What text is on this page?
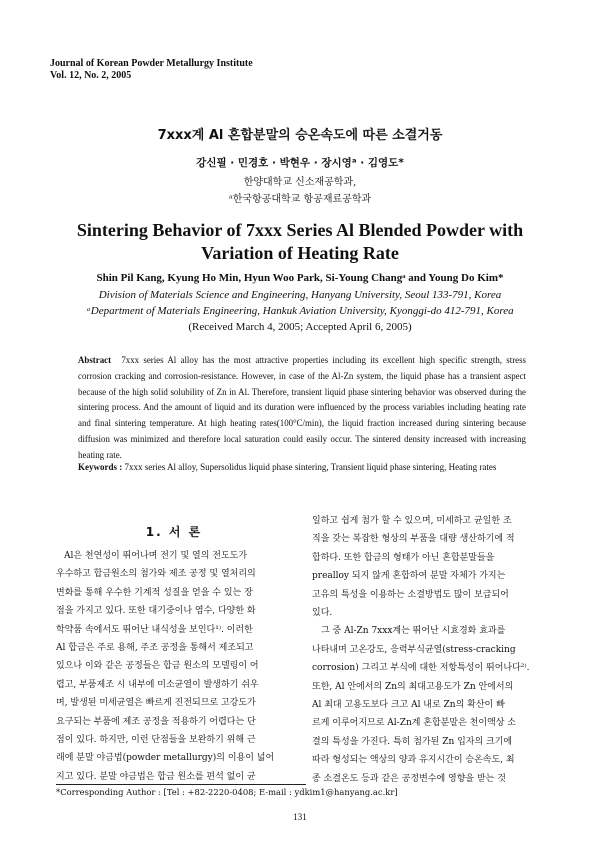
Journal of Korean Powder Metallurgy Institute
Vol. 12, No. 2, 2005
7xxx계 Al 혼합분말의 승온속도에 따른 소결거동
강신필 · 민경호 · 박현우 · 장시영ᵃ · 김영도*
한양대학교 신소재공학과,
ᵃ한국항공대학교 항공재료공학과
Sintering Behavior of 7xxx Series Al Blended Powder with
Variation of Heating Rate
Shin Pil Kang, Kyung Ho Min, Hyun Woo Park, Si-Young Changᵃ and Young Do Kim*
Division of Materials Science and Engineering, Hanyang University, Seoul 133-791, Korea
ᵃDepartment of Materials Engineering, Hankuk Aviation University, Kyonggi-do 412-791, Korea
(Received March 4, 2005; Accepted April 6, 2005)
Abstract 7xxx series Al alloy has the most attractive properties including its excellent high specific strength, stress corrosion cracking and corrosion-resistance. However, in case of the Al-Zn system, the liquid phase has a transient aspect because of the high solid solubility of Zn in Al. Therefore, transient liquid phase sintering behavior was observed during the sintering process. And the amount of liquid and its duration were influenced by the process variables including heating rate and final sintering temperature. At high heating rates(100°C/min), the liquid fraction increased during sintering because diffusion was minimized and therefore local saturation could easily occur. The sintered density increased with increasing heating rate.
Keywords : 7xxx series Al alloy, Supersolidus liquid phase sintering, Transient liquid phase sintering, Heating rates
1. 서 론
Al은 천연성이 뛰어나며 전기 및 열의 전도도가
우수하고 합금원소의 첨가와 제조 공정 및 열처리의
변화를 통해 우수한 기계적 성질을 얻을 수 있는 장
점을 가지고 있다. 또한 대기중이나 염수, 다양한 화
학약품 속에서도 뛰어난 내식성을 보인다¹⁾. 이러한
Al 합금은 주로 용해, 주조 공정을 통해서 제조되고
있으나 이와 같은 공정들은 합금 원소의 모델링이 어
렵고, 부품제조 시 내부에 미소균열이 발생하기 쉬우
며, 발생된 미세균열은 빠르게 진전되므로 고강도가
요구되는 부품에 제조 공정을 적용하기 어렵다는 단
점이 있다. 하지만, 이런 단점들을 보완하기 위해 근
래에 분말 야금법(powder metallurgy)의 이용이 넓어
지고 있다. 분말 야금법은 합금 원소를 편석 없이 균
일하고 쉽게 첨가 할 수 있으며, 미세하고 균일한 조
직을 갖는 복잡한 형상의 부품을 대량 생산하기에 적
합하다. 또한 합금의 형태가 아닌 혼합분말들을
prealloy 되지 않게 혼합하여 분말 자체가 가지는
고유의 특성을 이용하는 소결방법도 많이 보급되어
있다.
그 중 Al-Zn 7xxx계는 뛰어난 시효경화 효과를
나타내며 고온강도, 응력부식균열(stress-cracking
corrosion) 그리고 부식에 대한 저항특성이 뛰어나다²⁾.
또한, Al 안에서의 Zn의 최대고용도가 Zn 안에서의
Al 최대 고용도보다 크고 Al 내로 Zn의 확산이 빠
르게 이루어지므로 Al-Zn계 혼합분말은 천이액상 소
결의 특성을 가진다. 특히 첨가된 Zn 입자의 크기에
따라 형성되는 액상의 양과 유지시간이 승온속도, 최
종 소결온도 등과 같은 공정변수에 영향을 받는 것
*Corresponding Author : [Tel : +82-2220-0408; E-mail : ydkim1@hanyang.ac.kr]
131
